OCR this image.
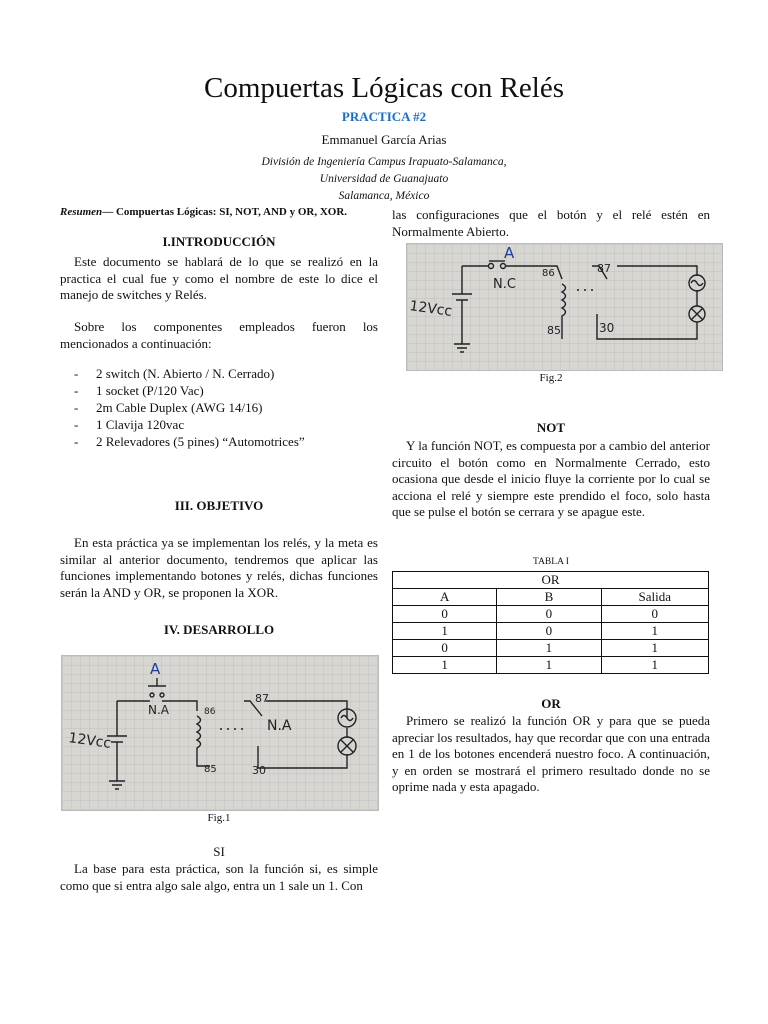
Compuertas Lógicas con Relés
PRACTICA #2
Emmanuel García Arias
División de Ingeniería Campus Irapuato-Salamanca,
Universidad de Guanajuato
Salamanca, México
Resumen— Compuertas Lógicas: SI, NOT, AND y OR, XOR.
I.INTRODUCCIÓN
Este documento se hablará de lo que se realizó en la practica el cual fue y como el nombre de este lo dice el manejo de switches y Relés.
Sobre los componentes empleados fueron los mencionados a continuación:
- 2 switch (N. Abierto / N. Cerrado)
- 1 socket (P/120 Vac)
- 2m Cable Duplex (AWG 14/16)
- 1 Clavija 120vac
- 2 Relevadores (5 pines) “Automotrices”
III. OBJETIVO
En esta práctica ya se implementan los relés, y la meta es similar al anterior documento, tendremos que aplicar las funciones implementando botones y relés, dichas funciones serán la AND y OR, se proponen la XOR.
IV. DESARROLLO
A
N.A
12Vcc
86
87
85	30
N.A
Fig.1
SI
La base para esta práctica, son la función si, es simple como que si entra algo sale algo, entra un 1 sale un 1. Con
las configuraciones que el botón y el relé estén en Normalmente Abierto.
A
N.C
12Vcc
86	87
85	30
Fig.2
NOT
Y la función NOT, es compuesta por a cambio del anterior circuito el botón como en Normalmente Cerrado, esto ocasiona que desde el inicio fluye la corriente por lo cual se acciona el relé y siempre este prendido el foco, solo hasta que se pulse el botón se cerrara y se apague este.
TABLA I
OR		
A	B	Salida
0	0	0
1	0	1
0	1	1
1	1	1
OR
Primero se realizó la función OR y para que se pueda apreciar los resultados, hay que recordar que con una entrada en 1 de los botones encenderá nuestro foco. A continuación, y en orden se mostrará el primero resultado donde no se oprime nada y esta apagado.
